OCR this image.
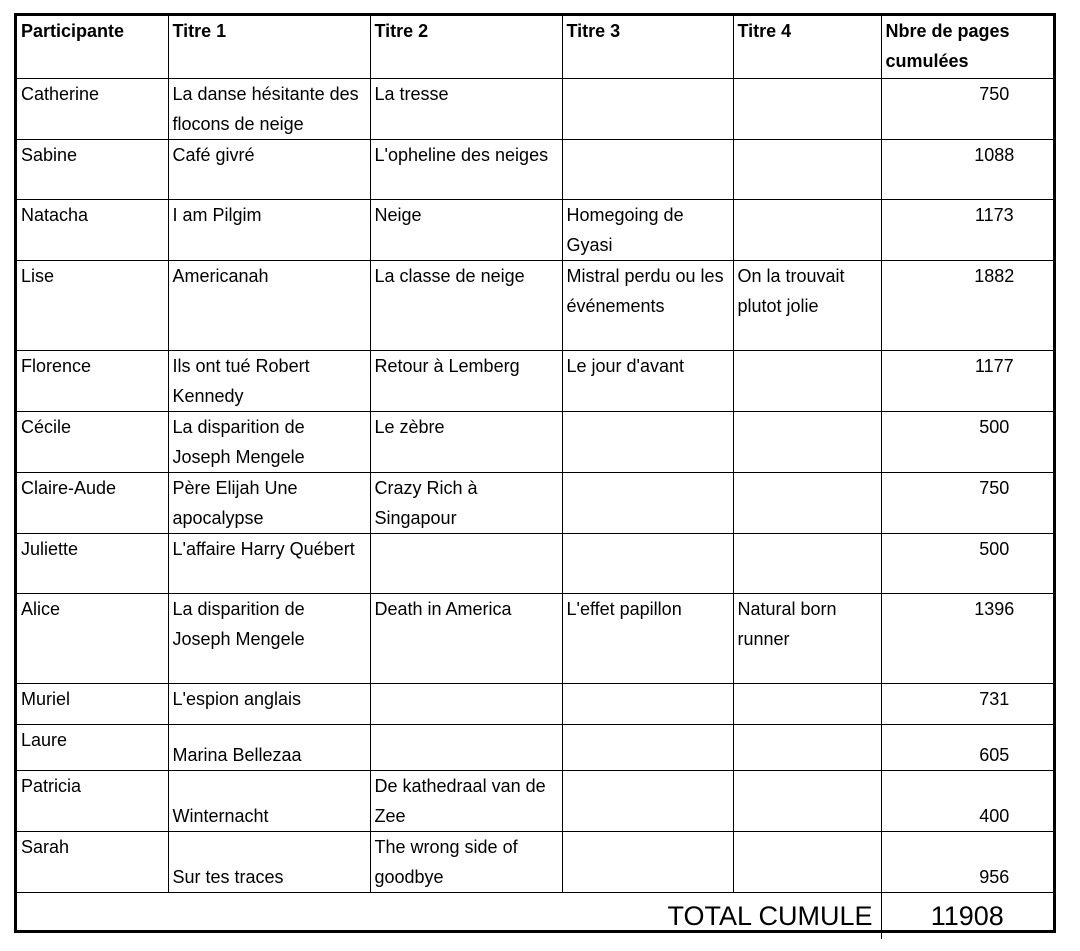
Participante	Titre 1	Titre 2	Titre 3	Titre 4	Nbre de pages cumulées
Catherine	La danse hésitante des flocons de neige	La tresse			750
Sabine	Café givré	L'opheline des neiges			1088
Natacha	I am Pilgim	Neige	Homegoing de Gyasi		1173
Lise	Americanah	La classe de neige	Mistral perdu ou les événements	On la trouvait plutot jolie	1882
Florence	Ils ont tué Robert Kennedy	Retour à Lemberg	Le jour d'avant		1177
Cécile	La disparition de Joseph Mengele	Le zèbre			500
Claire-Aude	Père Elijah Une apocalypse	Crazy Rich à Singapour			750
Juliette	L'affaire Harry Québert				500
Alice	La disparition de Joseph Mengele	Death in America	L'effet papillon	Natural born runner	1396
Muriel	L'espion anglais				731
Laure	Marina Bellezaa				605
Patricia	Winternacht	De kathedraal van de Zee			400
Sarah	Sur tes traces	The wrong side of goodbye			956
TOTAL CUMULE					11908
